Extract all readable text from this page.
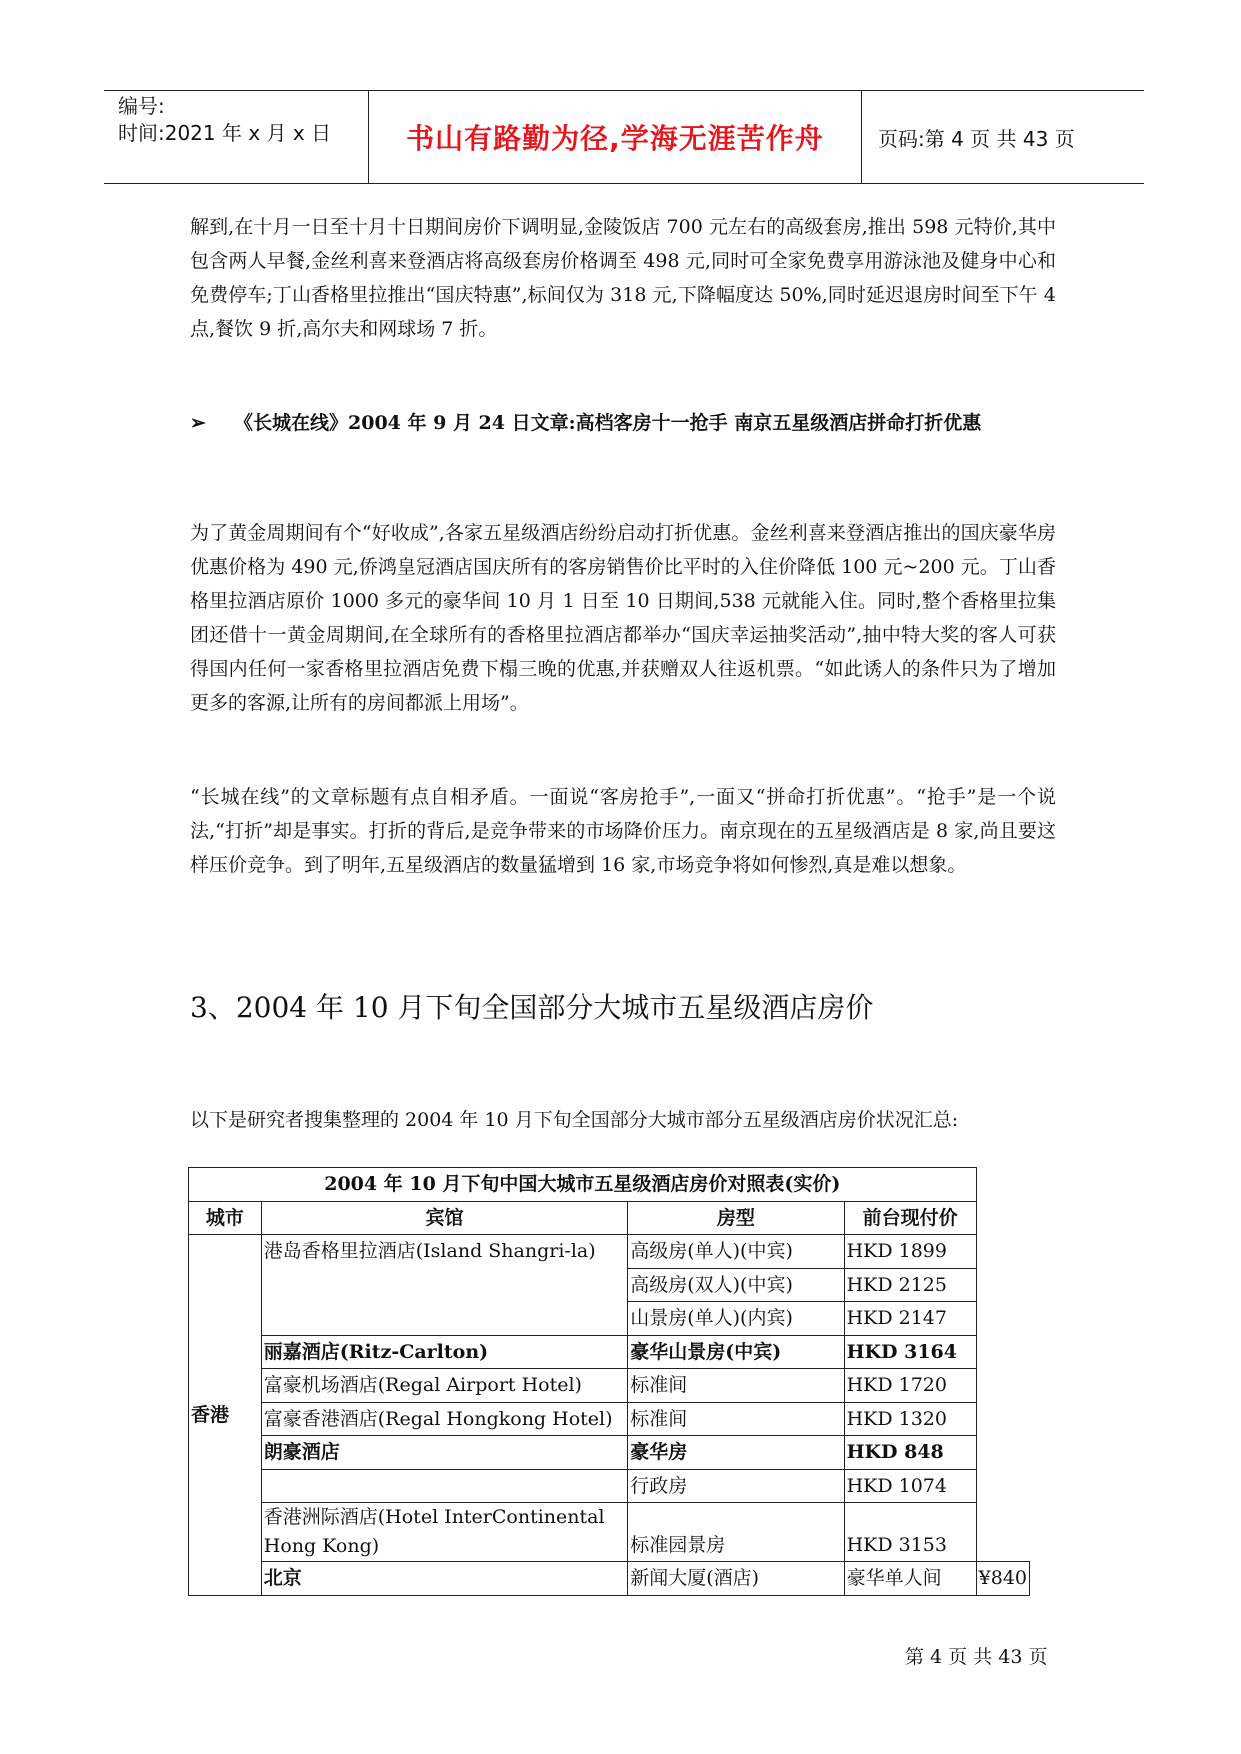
编号:
时间:2021 年 x 月 x 日	书山有路勤为径,学海无涯苦作舟	页码:第 4 页 共 43 页

解到,在十月一日至十月十日期间房价下调明显,金陵饭店 700 元左右的高级套房,推出 598 元特价,其中包含两人早餐,金丝利喜来登酒店将高级套房价格调至 498 元,同时可全家免费享用游泳池及健身中心和免费停车;丁山香格里拉推出“国庆特惠”,标间仅为 318 元,下降幅度达 50%,同时延迟退房时间至下午 4 点,餐饮 9 折,高尔夫和网球场 7 折。

➢ 《长城在线》2004 年 9 月 24 日文章:高档客房十一抢手 南京五星级酒店拼命打折优惠

为了黄金周期间有个“好收成”,各家五星级酒店纷纷启动打折优惠。金丝利喜来登酒店推出的国庆豪华房优惠价格为 490 元,侨鸿皇冠酒店国庆所有的客房销售价比平时的入住价降低 100 元~200 元。丁山香格里拉酒店原价 1000 多元的豪华间 10 月 1 日至 10 日期间,538 元就能入住。同时,整个香格里拉集团还借十一黄金周期间,在全球所有的香格里拉酒店都举办“国庆幸运抽奖活动”,抽中特大奖的客人可获得国内任何一家香格里拉酒店免费下榻三晚的优惠,并获赠双人往返机票。“如此诱人的条件只为了增加更多的客源,让所有的房间都派上用场”。

“长城在线”的文章标题有点自相矛盾。一面说“客房抢手”,一面又“拼命打折优惠”。“抢手”是一个说法,“打折”却是事实。打折的背后,是竞争带来的市场降价压力。南京现在的五星级酒店是 8 家,尚且要这样压价竞争。到了明年,五星级酒店的数量猛增到 16 家,市场竞争将如何惨烈,真是难以想象。

3、2004 年 10 月下旬全国部分大城市五星级酒店房价

以下是研究者搜集整理的 2004 年 10 月下旬全国部分大城市部分五星级酒店房价状况汇总:

2004 年 10 月下旬中国大城市五星级酒店房价对照表(实价)				
城市	宾馆	房型	前台现付价	
香港	港岛香格里拉酒店(Island Shangri-la)	高级房(单人)(中宾)	HKD 1899	
		高级房(双人)(中宾)	HKD 2125	
		山景房(单人)(内宾)	HKD 2147	
	丽嘉酒店(Ritz-Carlton)	豪华山景房(中宾)	HKD 3164	
	富豪机场酒店(Regal Airport Hotel)	标准间	HKD 1720	
	富豪香港酒店(Regal Hongkong Hotel)	标准间	HKD 1320	
	朗豪酒店	豪华房	HKD 848	
		行政房	HKD 1074	
	香港洲际酒店(Hotel InterContinental Hong Kong)	标准园景房	HKD 3153	
	北京	新闻大厦(酒店)	豪华单人间	¥840
第 4 页 共 43 页
